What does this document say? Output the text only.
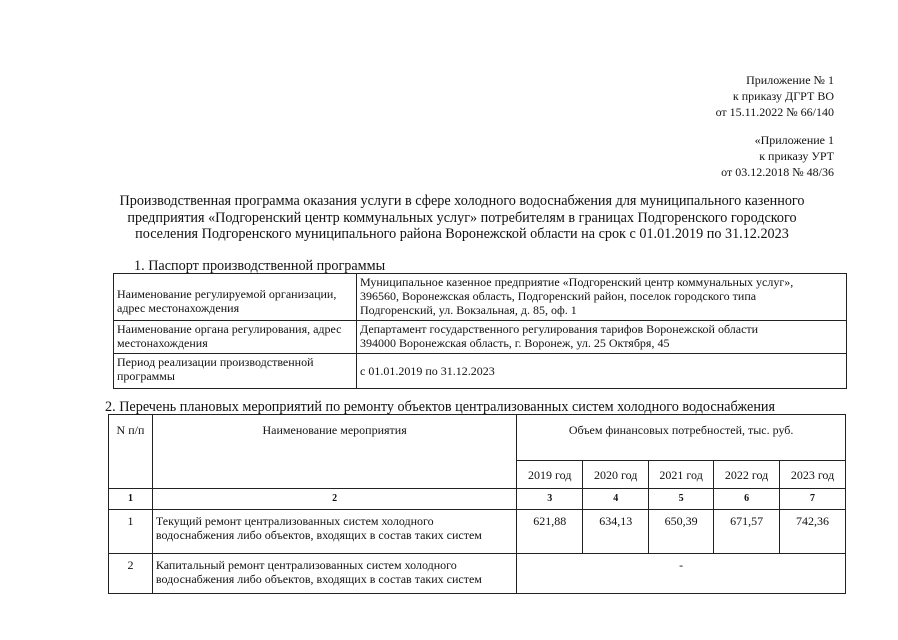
Приложение № 1
к приказу ДГРТ ВО
от 15.11.2022 № 66/140
«Приложение 1
к приказу УРТ
от 03.12.2018 № 48/36
Производственная программа оказания услуги в сфере холодного водоснабжения для муниципального казенного
предприятия «Подгоренский центр коммунальных услуг» потребителям в границах Подгоренского городского
поселения Подгоренского муниципального района Воронежской области на срок с 01.01.2019 по 31.12.2023
1. Паспорт производственной программы
Наименование регулируемой организации, адрес местонахождения	Муниципальное казенное предприятие «Подгоренский центр коммунальных услуг»,
396560, Воронежская область, Подгоренский район, поселок городского типа
Подгоренский, ул. Вокзальная, д. 85, оф. 1

Наименование органа регулирования, адрес местонахождения	Департамент государственного регулирования тарифов Воронежской области
394000 Воронежская область, г. Воронеж, ул. 25 Октября, 45

Период реализации производственной программы	с 01.01.2019 по 31.12.2023
2. Перечень плановых мероприятий по ремонту объектов централизованных систем холодного водоснабжения
N п/п	Наименование мероприятия	Объем финансовых потребностей, тыс. руб.				
		2019 год	2020 год	2021 год	2022 год	2023 год
1	2	3	4	5	6	7
1	Текущий ремонт централизованных систем холодного водоснабжения либо объектов, входящих в состав таких систем	621,88	634,13	650,39	671,57	742,36
2	Капитальный ремонт централизованных систем холодного водоснабжения либо объектов, входящих в состав таких систем	-				
